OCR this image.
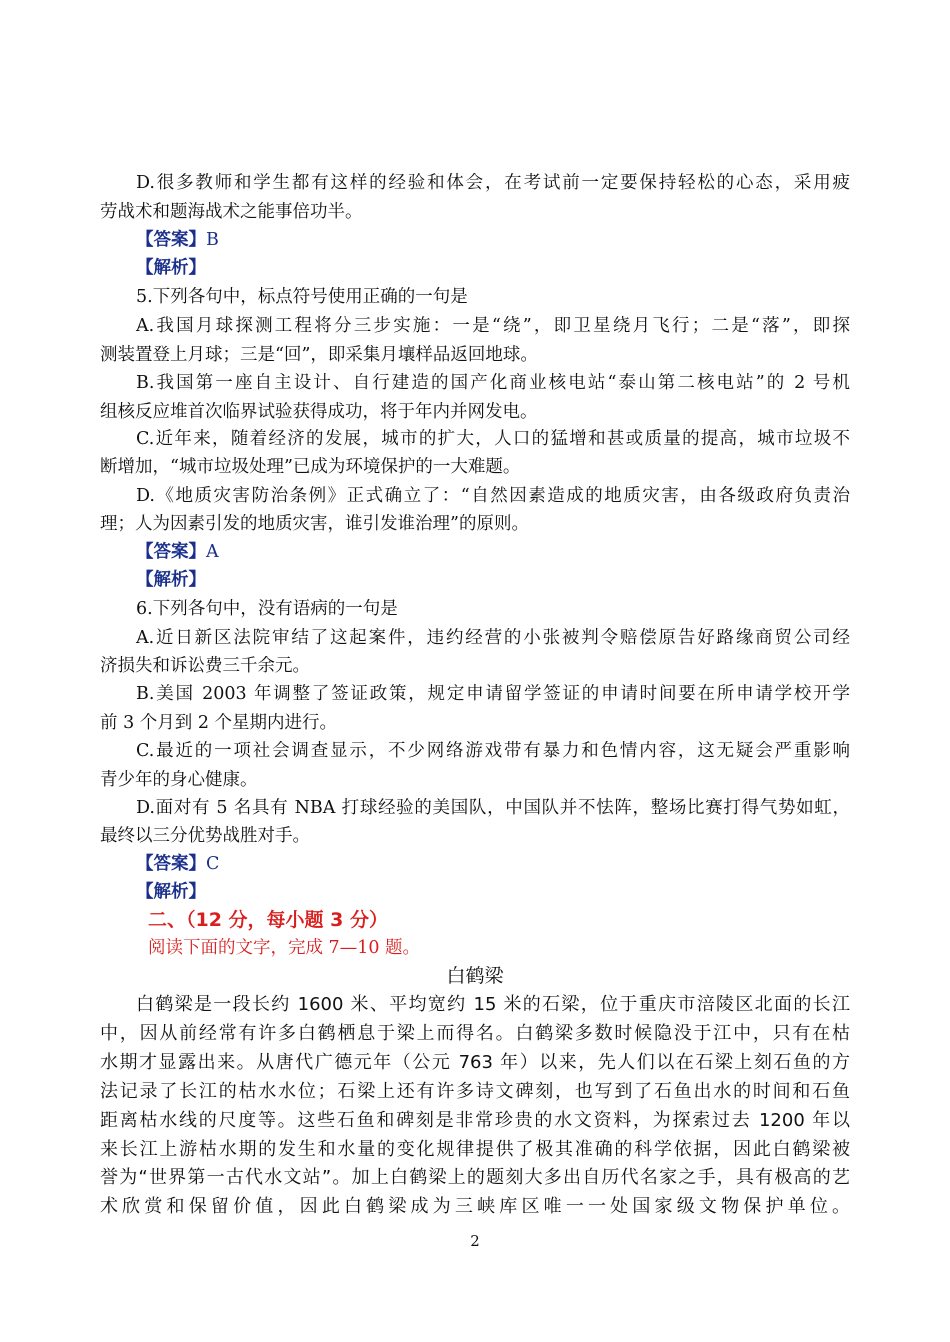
D.很多教师和学生都有这样的经验和体会，在考试前一定要保持轻松的心态，采用疲
劳战术和题海战术之能事倍功半。
【答案】B
【解析】
5.下列各句中，标点符号使用正确的一句是
A.我国月球探测工程将分三步实施：一是“绕”，即卫星绕月飞行；二是“落”，即探
测装置登上月球；三是“回”，即采集月壤样品返回地球。
B.我国第一座自主设计、自行建造的国产化商业核电站“泰山第二核电站”的 2 号机
组核反应堆首次临界试验获得成功，将于年内并网发电。
C.近年来，随着经济的发展，城市的扩大，人口的猛增和甚或质量的提高，城市垃圾不
断增加，“城市垃圾处理”已成为环境保护的一大难题。
D.《地质灾害防治条例》正式确立了：“自然因素造成的地质灾害，由各级政府负责治
理；人为因素引发的地质灾害，谁引发谁治理”的原则。
【答案】A
【解析】
6.下列各句中，没有语病的一句是
A.近日新区法院审结了这起案件，违约经营的小张被判令赔偿原告好路缘商贸公司经
济损失和诉讼费三千余元。
B.美国 2003 年调整了签证政策，规定申请留学签证的申请时间要在所申请学校开学
前 3 个月到 2 个星期内进行。
C.最近的一项社会调查显示，不少网络游戏带有暴力和色情内容，这无疑会严重影响
青少年的身心健康。
D.面对有 5 名具有 NBA 打球经验的美国队，中国队并不怯阵，整场比赛打得气势如虹，
最终以三分优势战胜对手。
【答案】C
【解析】
二、（12 分，每小题 3 分）
阅读下面的文字，完成 7—10 题。
白鹤梁
白鹤梁是一段长约 1600 米、平均宽约 15 米的石梁，位于重庆市涪陵区北面的长江
中，因从前经常有许多白鹤栖息于梁上而得名。白鹤梁多数时候隐没于江中，只有在枯
水期才显露出来。从唐代广德元年（公元 763 年）以来，先人们以在石梁上刻石鱼的方
法记录了长江的枯水水位；石梁上还有许多诗文碑刻，也写到了石鱼出水的时间和石鱼
距离枯水线的尺度等。这些石鱼和碑刻是非常珍贵的水文资料，为探索过去 1200 年以
来长江上游枯水期的发生和水量的变化规律提供了极其准确的科学依据，因此白鹤梁被
誉为“世界第一古代水文站”。加上白鹤梁上的题刻大多出自历代名家之手，具有极高的艺
术欣赏和保留价值，因此白鹤梁成为三峡库区唯一一处国家级文物保护单位。
2
